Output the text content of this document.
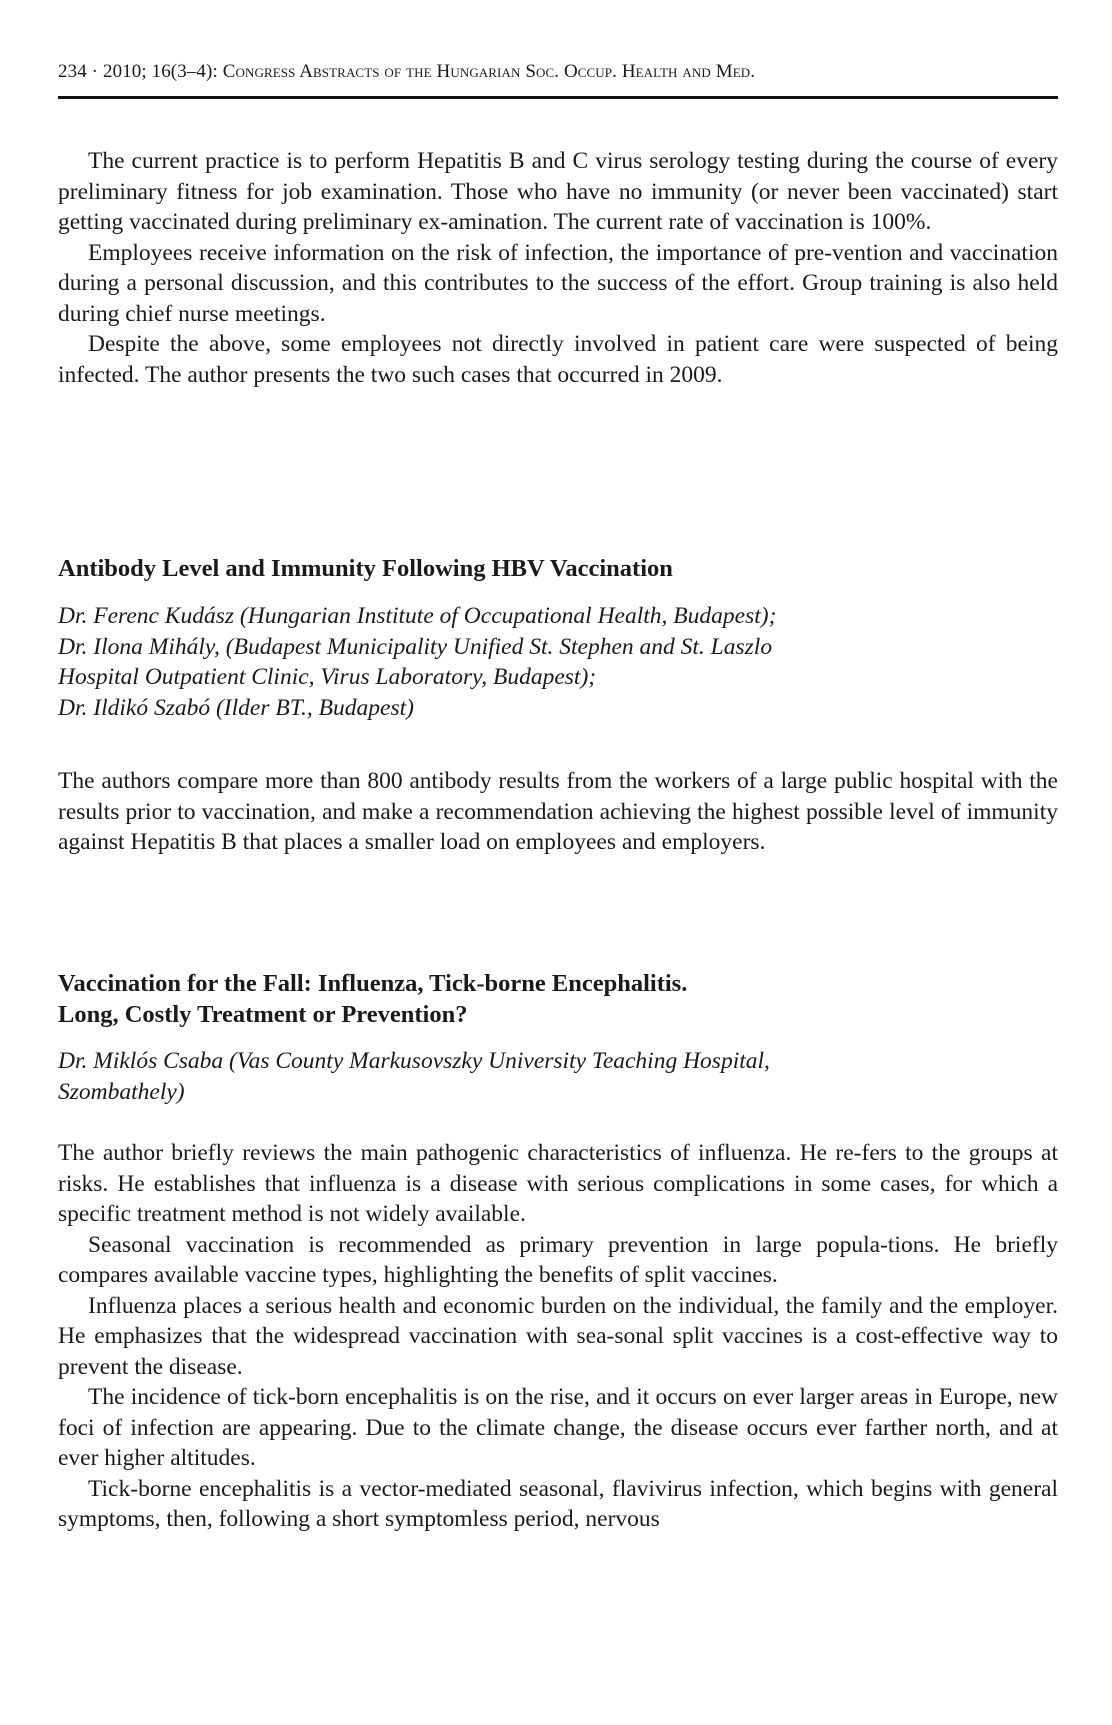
234 · 2010; 16(3–4): Congress Abstracts of the Hungarian Soc. Occup. Health and Med.

The current practice is to perform Hepatitis B and C virus serology testing during the course of every preliminary fitness for job examination. Those who have no immunity (or never been vaccinated) start getting vaccinated during preliminary ex-amination. The current rate of vaccination is 100%.

Employees receive information on the risk of infection, the importance of pre-vention and vaccination during a personal discussion, and this contributes to the success of the effort. Group training is also held during chief nurse meetings.

Despite the above, some employees not directly involved in patient care were suspected of being infected. The author presents the two such cases that occurred in 2009.

Antibody Level and Immunity Following HBV Vaccination
Dr. Ferenc Kudász (Hungarian Institute of Occupational Health, Budapest);
Dr. Ilona Mihály, (Budapest Municipality Unified St. Stephen and St. Laszlo
Hospital Outpatient Clinic, Virus Laboratory, Budapest);
Dr. Ildikó Szabó (Ilder BT., Budapest)

The authors compare more than 800 antibody results from the workers of a large public hospital with the results prior to vaccination, and make a recommendation achieving the highest possible level of immunity against Hepatitis B that places a smaller load on employees and employers.

Vaccination for the Fall: Influenza, Tick-borne Encephalitis.
Long, Costly Treatment or Prevention?
Dr. Miklós Csaba (Vas County Markusovszky University Teaching Hospital,
Szombathely)

The author briefly reviews the main pathogenic characteristics of influenza. He re-fers to the groups at risks. He establishes that influenza is a disease with serious complications in some cases, for which a specific treatment method is not widely available.

Seasonal vaccination is recommended as primary prevention in large popula-tions. He briefly compares available vaccine types, highlighting the benefits of split vaccines.

Influenza places a serious health and economic burden on the individual, the family and the employer. He emphasizes that the widespread vaccination with sea-sonal split vaccines is a cost-effective way to prevent the disease.

The incidence of tick-born encephalitis is on the rise, and it occurs on ever larger areas in Europe, new foci of infection are appearing. Due to the climate change, the disease occurs ever farther north, and at ever higher altitudes.

Tick-borne encephalitis is a vector-mediated seasonal, flavivirus infection, which begins with general symptoms, then, following a short symptomless period, nervous
